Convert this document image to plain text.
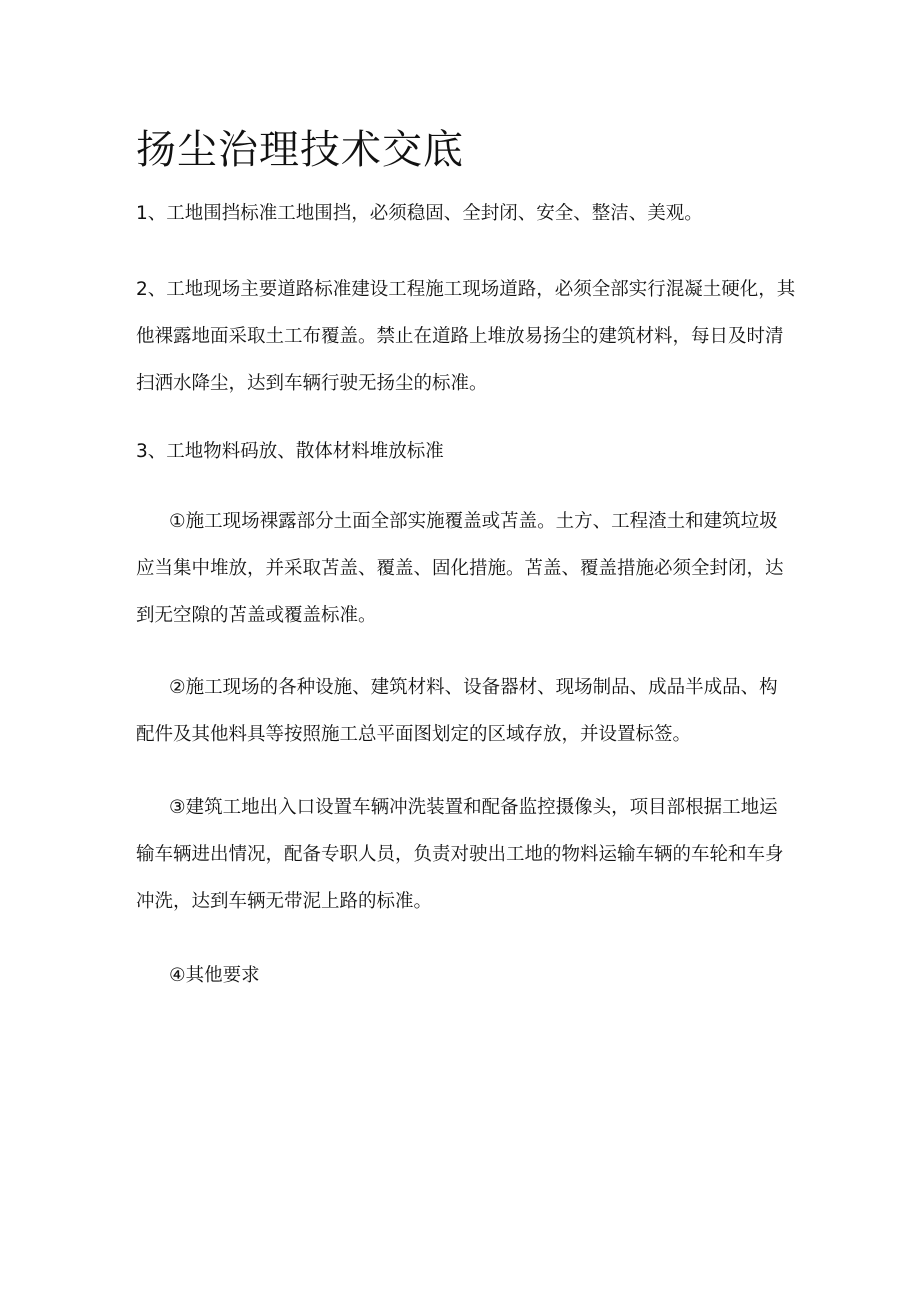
扬尘治理技术交底

1、工地围挡标准工地围挡，必须稳固、全封闭、安全、整洁、美观。

2、工地现场主要道路标准建设工程施工现场道路，必须全部实行混凝土硬化，其他裸露地面采取土工布覆盖。禁止在道路上堆放易扬尘的建筑材料，每日及时清扫洒水降尘，达到车辆行驶无扬尘的标准。

3、工地物料码放、散体材料堆放标准

①施工现场裸露部分土面全部实施覆盖或苫盖。土方、工程渣土和建筑垃圾应当集中堆放，并采取苫盖、覆盖、固化措施。苫盖、覆盖措施必须全封闭，达到无空隙的苫盖或覆盖标准。

②施工现场的各种设施、建筑材料、设备器材、现场制品、成品半成品、构配件及其他料具等按照施工总平面图划定的区域存放，并设置标签。

③建筑工地出入口设置车辆冲洗装置和配备监控摄像头，项目部根据工地运输车辆进出情况，配备专职人员，负责对驶出工地的物料运输车辆的车轮和车身冲洗，达到车辆无带泥上路的标准。

④其他要求
